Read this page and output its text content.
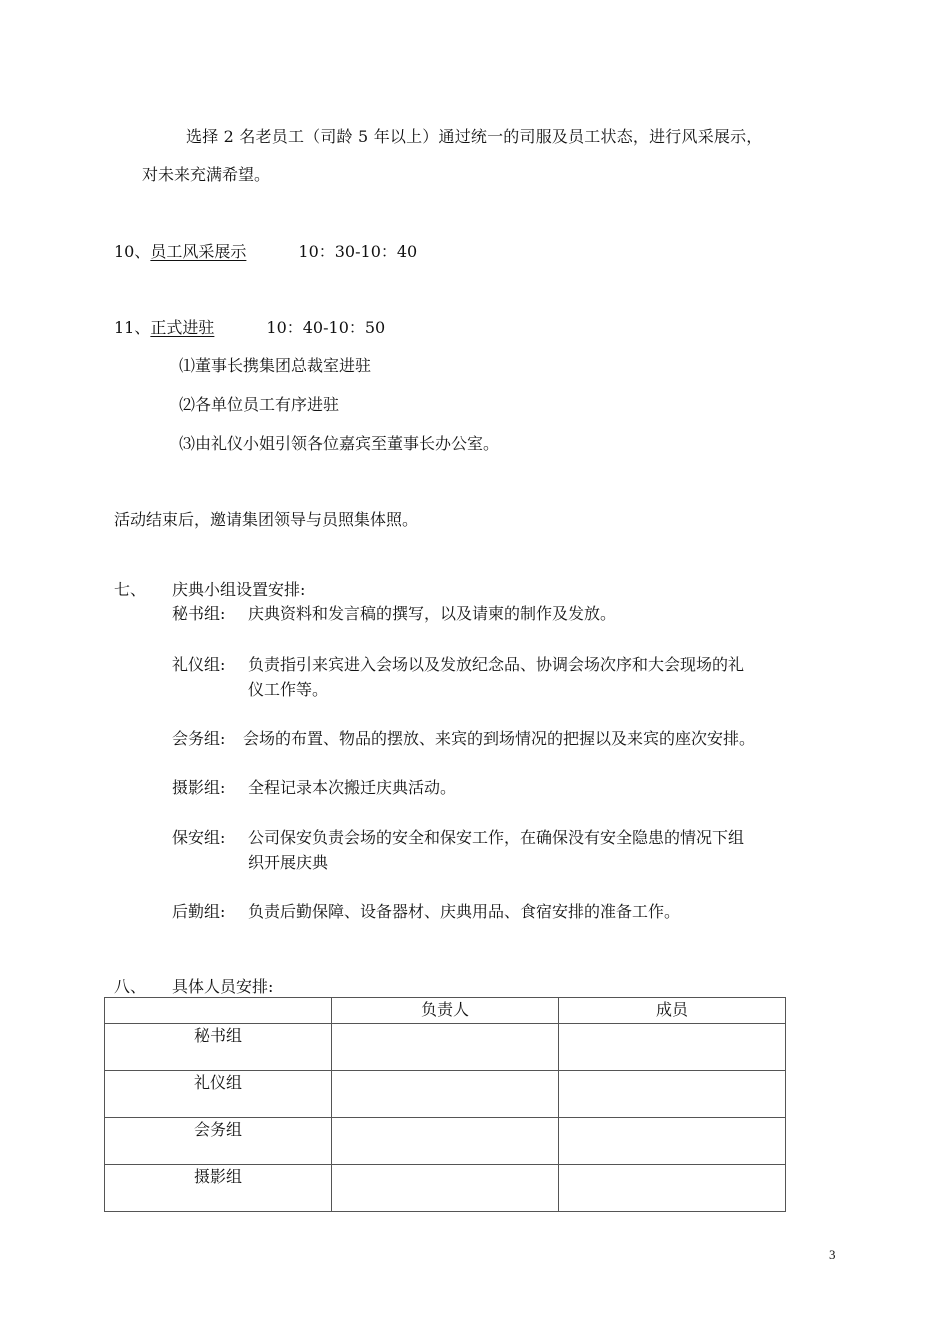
选择 2 名老员工（司龄 5 年以上）通过统一的司服及员工状态，进行风采展示，
对未来充满希望。
10、员工风采展示	10：30-10：40
11、正式进驻	10：40-10：50
⑴董事长携集团总裁室进驻
⑵各单位员工有序进驻
⑶由礼仪小姐引领各位嘉宾至董事长办公室。
活动结束后，邀请集团领导与员照集体照。
七、 庆典小组设置安排:
秘书组: 庆典资料和发言稿的撰写，以及请柬的制作及发放。
礼仪组: 负责指引来宾进入会场以及发放纪念品、协调会场次序和大会现场的礼
仪工作等。
会务组: 会场的布置、物品的摆放、来宾的到场情况的把握以及来宾的座次安排。
摄影组: 全程记录本次搬迁庆典活动。
保安组: 公司保安负责会场的安全和保安工作，在确保没有安全隐患的情况下组
织开展庆典
后勤组: 负责后勤保障、设备器材、庆典用品、食宿安排的准备工作。
八、 具体人员安排:
	负责人	成员
秘书组		
礼仪组		
会务组		
摄影组		
3
